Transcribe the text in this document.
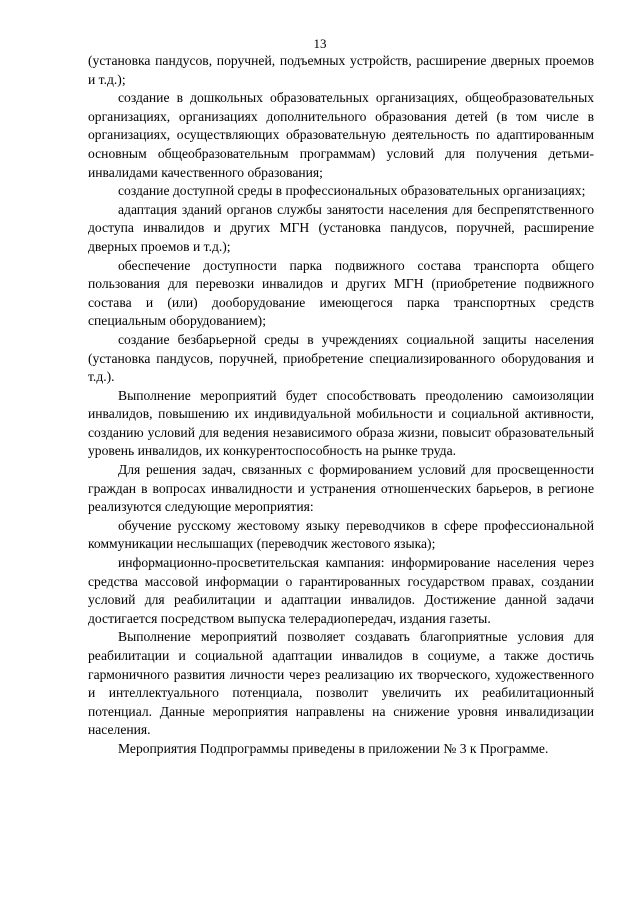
13

(установка пандусов, поручней, подъемных устройств, расширение дверных проемов и т.д.);

создание в дошкольных образовательных организациях, общеобразовательных организациях, организациях дополнительного образования детей (в том числе в организациях, осуществляющих образовательную деятельность по адаптированным основным общеобразовательным программам) условий для получения детьми-инвалидами качественного образования;

создание доступной среды в профессиональных образовательных организациях;

адаптация зданий органов службы занятости населения для беспрепятственного доступа инвалидов и других МГН (установка пандусов, поручней, расширение дверных проемов и т.д.);

обеспечение доступности парка подвижного состава транспорта общего пользования для перевозки инвалидов и других МГН (приобретение подвижного состава и (или) дооборудование имеющегося парка транспортных средств специальным оборудованием);

создание безбарьерной среды в учреждениях социальной защиты населения (установка пандусов, поручней, приобретение специализированного оборудования и т.д.).

Выполнение мероприятий будет способствовать преодолению самоизоляции инвалидов, повышению их индивидуальной мобильности и социальной активности, созданию условий для ведения независимого образа жизни, повысит образовательный уровень инвалидов, их конкурентоспособность на рынке труда.

Для решения задач, связанных с формированием условий для просвещенности граждан в вопросах инвалидности и устранения отношенческих барьеров, в регионе реализуются следующие мероприятия:

обучение русскому жестовому языку переводчиков в сфере профессиональной коммуникации неслышащих (переводчик жестового языка);

информационно-просветительская кампания: информирование населения через средства массовой информации о гарантированных государством правах, создании условий для реабилитации и адаптации инвалидов. Достижение данной задачи достигается посредством выпуска телерадиопередач, издания газеты.

Выполнение мероприятий позволяет создавать благоприятные условия для реабилитации и социальной адаптации инвалидов в социуме, а также достичь гармоничного развития личности через реализацию их творческого, художественного и интеллектуального потенциала, позволит увеличить их реабилитационный потенциал. Данные мероприятия направлены на снижение уровня инвалидизации населения.

Мероприятия Подпрограммы приведены в приложении № 3 к Программе.
